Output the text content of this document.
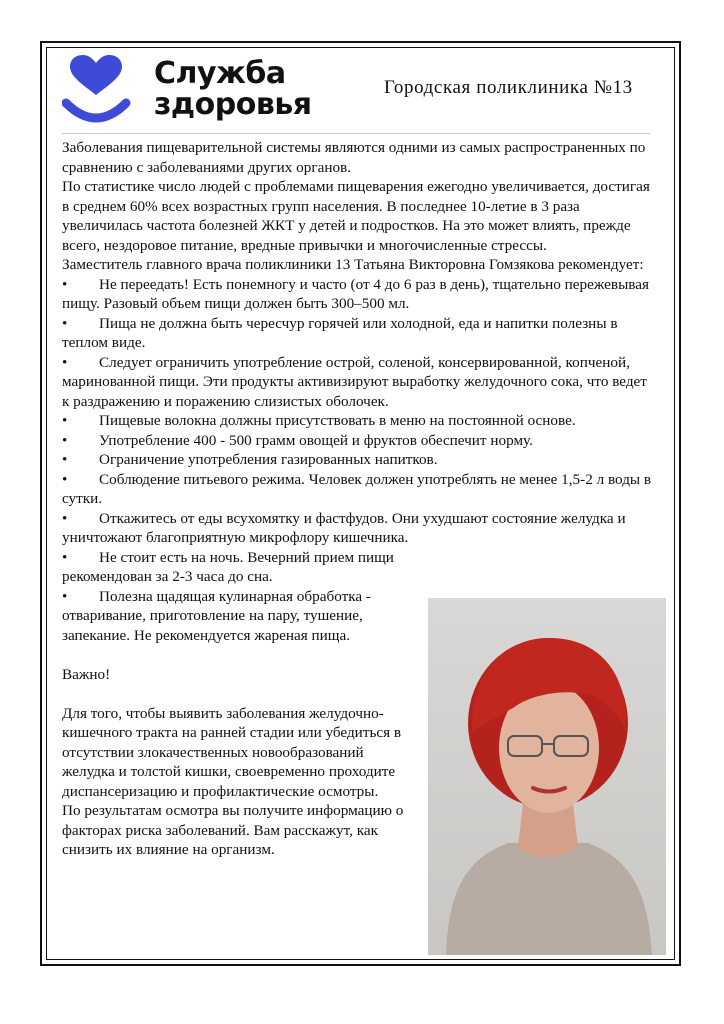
Служба
здоровья	Городская поликлиника №13

Заболевания пищеварительной системы являются одними из самых распространенных по сравнению с заболеваниями других органов.

По статистике число людей с проблемами пищеварения ежегодно увеличивается, достигая в среднем 60% всех возрастных групп населения. В последнее 10-летие в 3 раза увеличилась частота болезней ЖКТ у детей и подростков. На это может влиять, прежде всего, нездоровое питание, вредные привычки и многочисленные стрессы.

Заместитель главного врача поликлиники 13 Татьяна Викторовна Гомзякова рекомендует:

• Не переедать! Есть понемногу и часто (от 4 до 6 раз в день), тщательно пережевывая пищу. Разовый объем пищи должен быть 300–500 мл.

• Пища не должна быть чересчур горячей или холодной, еда и напитки полезны в теплом виде.

• Следует ограничить употребление острой, соленой, консервированной, копченой, маринованной пищи. Эти продукты активизируют выработку желудочного сока, что ведет к раздражению и поражению слизистых оболочек.

• Пищевые волокна должны присутствовать в меню на постоянной основе.

• Употребление 400 - 500 грамм овощей и фруктов обеспечит норму.

• Ограничение употребления газированных напитков.

• Соблюдение питьевого режима. Человек должен употреблять не менее 1,5-2 л воды в сутки.

• Откажитесь от еды всухомятку и фастфудов. Они ухудшают состояние желудка и уничтожают благоприятную микрофлору кишечника.

• Не стоит есть на ночь. Вечерний прием пищи рекомендован за 2-3 часа до сна.

• Полезна щадящая кулинарная обработка - отваривание, приготовление на пару, тушение, запекание. Не рекомендуется жареная пища.

Важно!

Для того, чтобы выявить заболевания желудочно-кишечного тракта на ранней стадии или убедиться в отсутствии злокачественных новообразований желудка и толстой кишки, своевременно проходите диспансеризацию и профилактические осмотры.

По результатам осмотра вы получите информацию о факторах риска заболеваний. Вам расскажут, как снизить их влияние на организм.
